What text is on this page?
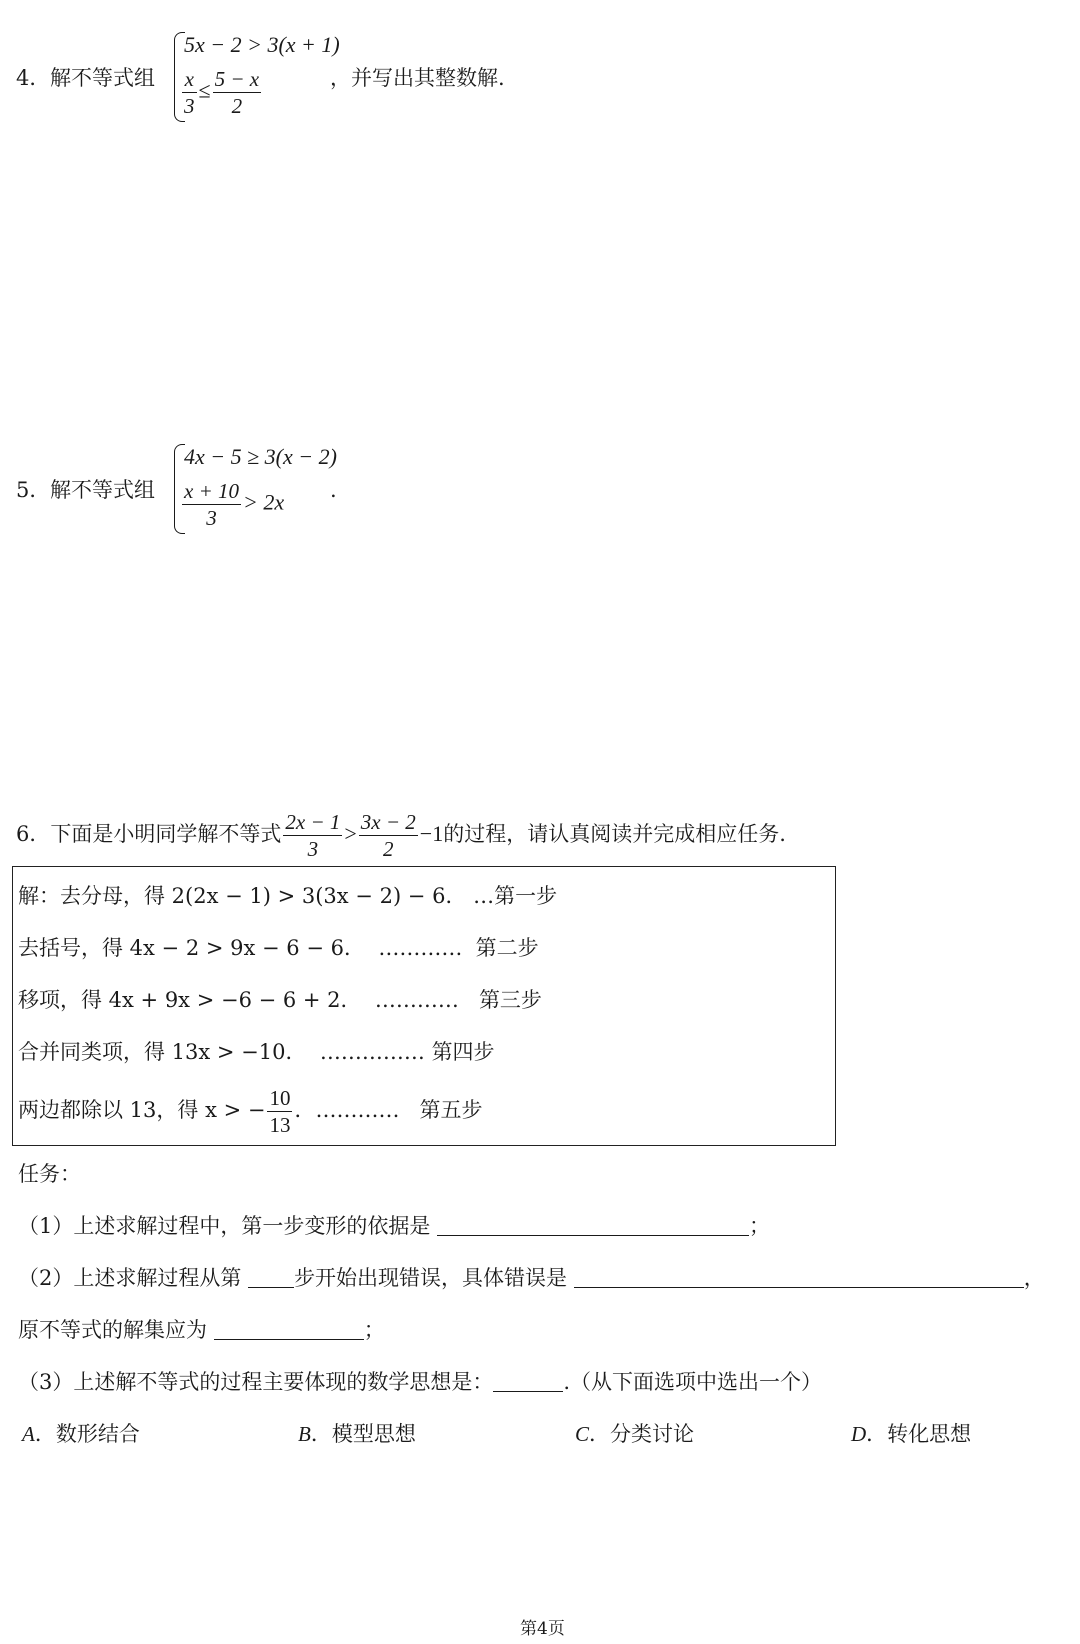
4． 解不等式组
5x − 2 > 3(x + 1)
$\frac{x}{3} \le \frac{5 - x}{2}$	，并写出其整数解.
5． 解不等式组
4x − 5 ≥ 3(x − 2)
$\frac{x + 10}{3} > 2x$ .
6．下面是小明同学解不等式 $\frac{2x - 1}{3} > \frac{3x - 2}{2} -1$的过程，请认真阅读并完成相应任务.
解：去分母，得 2(2x − 1) > 3(3x − 2) − 6． …第一步
去括号，得 4x − 2 > 9x − 6 − 6． ………… 第二步
移项，得 4x + 9x > −6 − 6 + 2． ………… 第三步
合并同类项，得 13x > −10． …………… 第四步
两边都除以 13，得 x > − $\frac{10}{13}$ ．………… 第五步
任务：
（1）上述求解过程中，第一步变形的依据是	；
（2）上述求解过程从第	步开始出现错误，具体错误是	，
原不等式的解集应为	；
（3）上述解不等式的过程主要体现的数学思想是：	.（从下面选项中选出一个）
A．数形结合	B．模型思想	C．分类讨论	D．转化思想
第4页
